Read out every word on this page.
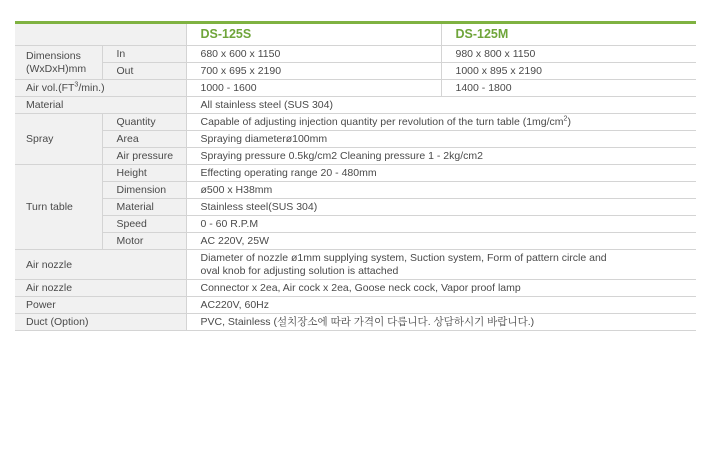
		DS-125S	DS-125M
Dimensions (WxDxH)mm	In	680 x 600 x 1150	980 x 800 x 1150
	Out	700 x 695 x 2190	1000 x 895 x 2190
Air $vol.(FT^3/\min.)$		1000 - 1600	1400 - 1800
Material		All stainless steel (SUS 304)	
Spray	Quantity	Capable of adjusting injection quantity per revolution of the turn table $(1mg/cm^2)$	
	Area	Spraying diameterø100mm	
	Air pressure	Spraying pressure 0.5kg/cm2 Cleaning pressure 1 - 2kg/cm2	
Turn table	Height	Effecting operating range 20 - 480mm	
	Dimension	ø500 x H38mm	
	Material	Stainless steel(SUS 304)	
	Speed	0 - 60 R.P.M	
	Motor	AC 220V, 25W	
Air nozzle		Diameter of nozzle ø1mm supplying system, Suction system, Form of pattern circle and
oval knob for adjusting solution is attached	

Air nozzle		Connector x 2ea, Air cock x 2ea, Goose neck cock, Vapor proof lamp	
Power		AC220V, 60Hz	
Duct (Option)		PVC, Stainless (설치장소에 따라 가격이 다릅니다. 상담하시기 바랍니다.)	
